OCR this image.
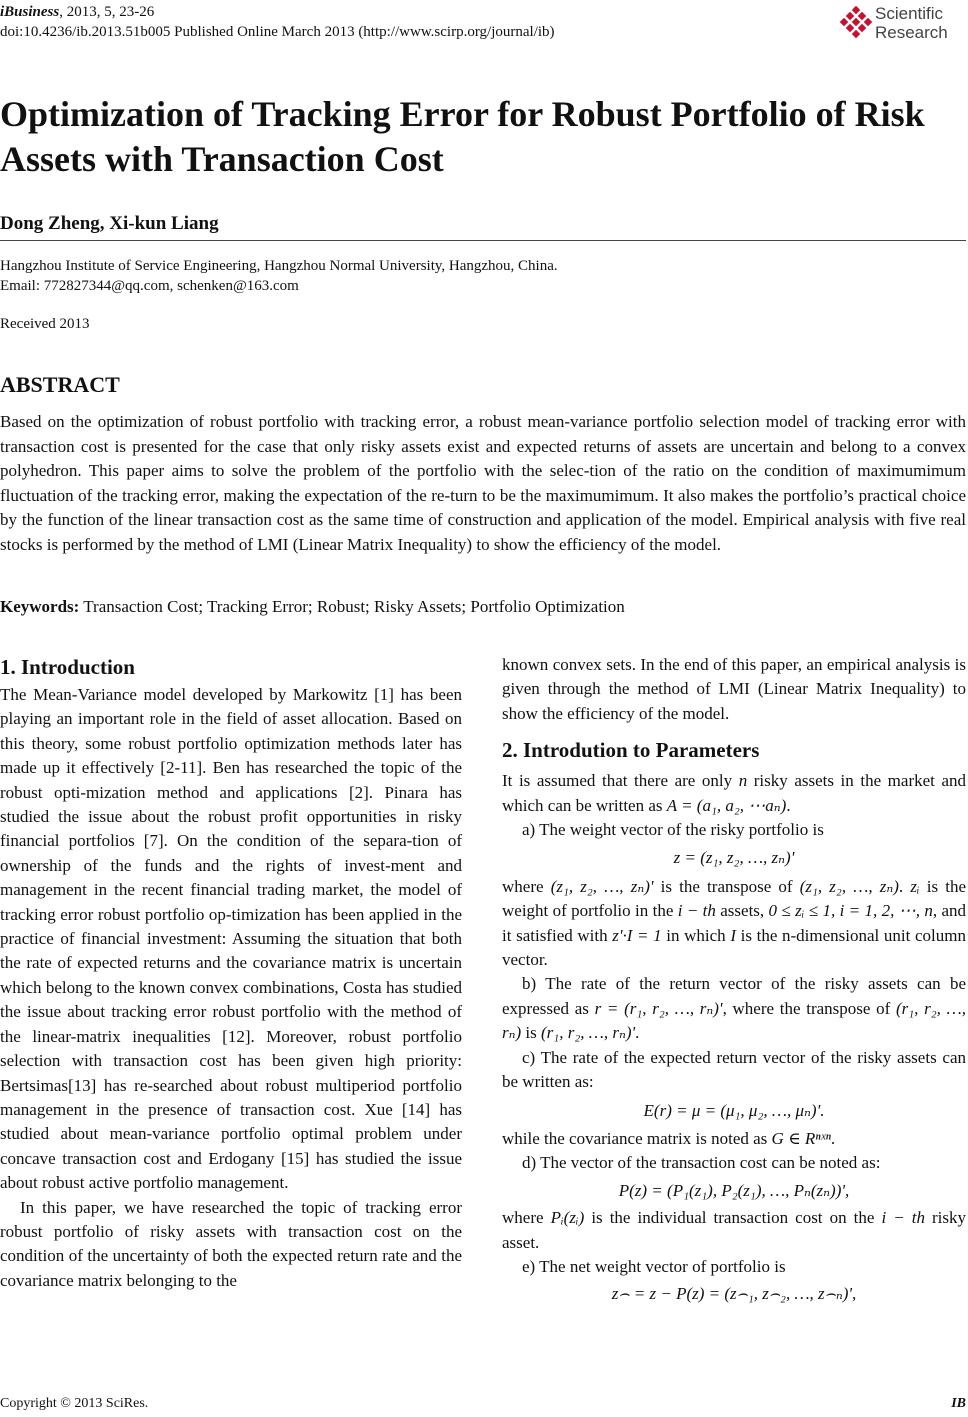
iBusiness, 2013, 5, 23-26
doi:10.4236/ib.2013.51b005 Published Online March 2013 (http://www.scirp.org/journal/ib)
Scientific
Research
Optimization of Tracking Error for Robust Portfolio of Risk Assets with Transaction Cost
Dong Zheng, Xi-kun Liang
Hangzhou Institute of Service Engineering, Hangzhou Normal University, Hangzhou, China.
Email: 772827344@qq.com, schenken@163.com
Received 2013
ABSTRACT
Based on the optimization of robust portfolio with tracking error, a robust mean-variance portfolio selection model of tracking error with transaction cost is presented for the case that only risky assets exist and expected returns of assets are uncertain and belong to a convex polyhedron. This paper aims to solve the problem of the portfolio with the selec-tion of the ratio on the condition of maximumimum fluctuation of the tracking error, making the expectation of the re-turn to be the maximumimum. It also makes the portfolio’s practical choice by the function of the linear transaction cost as the same time of construction and application of the model. Empirical analysis with five real stocks is performed by the method of LMI (Linear Matrix Inequality) to show the efficiency of the model.
Keywords: Transaction Cost; Tracking Error; Robust; Risky Assets; Portfolio Optimization
1. Introduction

The Mean-Variance model developed by Markowitz [1] has been playing an important role in the field of asset allocation. Based on this theory, some robust portfolio optimization methods later has made up it effectively [2-11]. Ben has researched the topic of the robust opti-mization method and applications [2]. Pinara has studied the issue about the robust profit opportunities in risky financial portfolios [7]. On the condition of the separa-tion of ownership of the funds and the rights of invest-ment and management in the recent financial trading market, the model of tracking error robust portfolio op-timization has been applied in the practice of financial investment: Assuming the situation that both the rate of expected returns and the covariance matrix is uncertain which belong to the known convex combinations, Costa has studied the issue about tracking error robust portfolio with the method of the linear-matrix inequalities [12]. Moreover, robust portfolio selection with transaction cost has been given high priority: Bertsimas[13] has re-searched about robust multiperiod portfolio management in the presence of transaction cost. Xue [14] has studied about mean-variance portfolio optimal problem under concave transaction cost and Erdogany [15] has studied the issue about robust active portfolio management.

In this paper, we have researched the topic of tracking error robust portfolio of risky assets with transaction cost on the condition of the uncertainty of both the expected return rate and the covariance matrix belonging to the

known convex sets. In the end of this paper, an empirical analysis is given through the method of LMI (Linear Matrix Inequality) to show the efficiency of the model.

2. Introdution to Parameters

It is assumed that there are only n risky assets in the market and which can be written as A = (a₁, a₂, ⋯aₙ).

a) The weight vector of the risky portfolio is

z = (z₁, z₂, …, zₙ)'

where (z₁, z₂, …, zₙ)' is the transpose of (z₁, z₂, …, zₙ). zᵢ is the weight of portfolio in the i − th assets, 0 ≤ zᵢ ≤ 1, i = 1, 2, ⋯, n, and it satisfied with z'·I = 1 in which I is the n-dimensional unit column vector.

b) The rate of the return vector of the risky assets can be expressed as r = (r₁, r₂, …, rₙ)', where the transpose of (r₁, r₂, …, rₙ) is (r₁, r₂, …, rₙ)'.

c) The rate of the expected return vector of the risky assets can be written as:

E(r) = μ = (μ₁, μ₂, …, μₙ)'.

while the covariance matrix is noted as G ∈ Rⁿˣⁿ.

d) The vector of the transaction cost can be noted as:

P(z) = (P₁(z₁), P₂(z₁), …, Pₙ(zₙ))',

where Pᵢ(zᵢ) is the individual transaction cost on the i − th risky asset.

e) The net weight vector of portfolio is

z⌢ = z − P(z) = (z⌢₁, z⌢₂, …, z⌢ₙ)',

Copyright © 2013 SciRes.	IB
